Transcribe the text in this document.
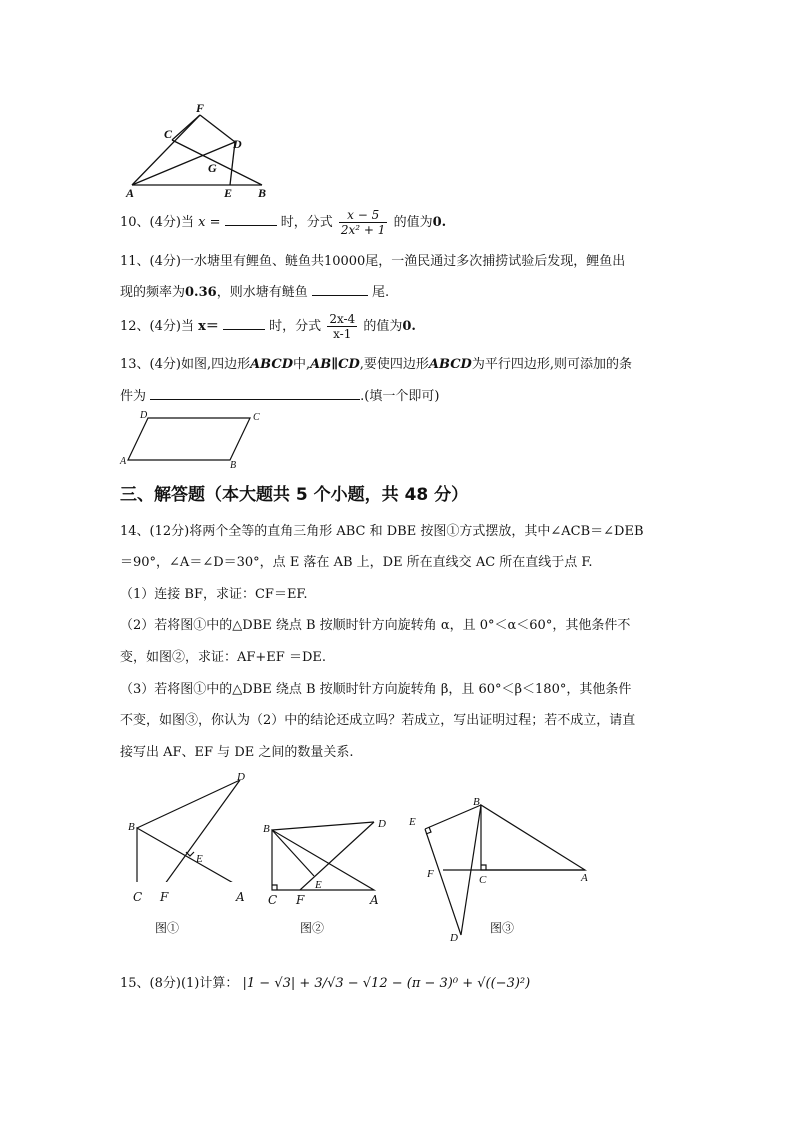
F
C
D
G
A	E B
10、(4分)当 x =	时，分式 $\frac{x - 5}{\text{2x² + 1}}$ 的值为0.
11、(4分)一水塘里有鲤鱼、鲢鱼共10000尾，一渔民通过多次捕捞试验后发现，鲤鱼出
现的频率为0.36，则水塘有鲢鱼	尾.
12、(4分)当 x＝	时，分式 $\frac{2x-4}{x-1}$ 的值为0.
13、(4分)如图,四边形ABCD中,AB∥CD,要使四边形ABCD为平行四边形,则可添加的条
件为	.(填一个即可)
D	C
A	B
三、解答题（本大题共 5 个小题，共 48 分）
14、(12分)将两个全等的直角三角形 ABC 和 DBE 按图①方式摆放，其中∠ACB＝∠DEB
＝90°，∠A＝∠D＝30°，点 E 落在 AB 上，DE 所在直线交 AC 所在直线于点 F.
（1）连接 BF，求证：CF＝EF.
（2）若将图①中的△DBE 绕点 B 按顺时针方向旋转角 α，且 0°＜α＜60°，其他条件不
变，如图②，求证：AF+EF ＝DE.
（3）若将图①中的△DBE 绕点 B 按顺时针方向旋转角 β，且 60°＜β＜180°，其他条件
不变，如图③，你认为（2）中的结论还成立吗？若成立，写出证明过程；若不成立，请直
接写出 AF、EF 与 DE 之间的数量关系.
D
B
E
C F	A
图①
B	D
E
C F	A
图②
B
E
F	C	A
D
图③
15、(8分)(1)计算： |1 − √3| + 3/√3 − √12 − (π − 3)⁰ + √((−3)²)
